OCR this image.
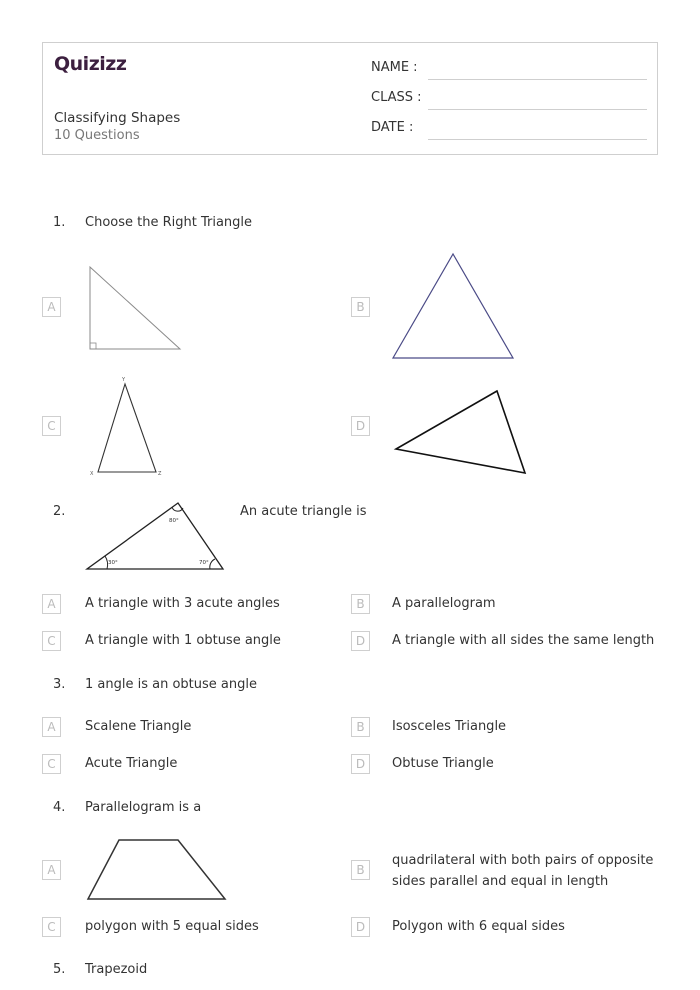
Quizizz
Classifying Shapes
10 Questions
NAME :
CLASS :
DATE :
1. Choose the Right Triangle
A	B
C
Y
X	Z
D
2.
80°
30°	70°
An acute triangle is
A	A triangle with 3 acute angles	B	A parallelogram
C	A triangle with 1 obtuse angle	D	A triangle with all sides the same length
3. 1 angle is an obtuse angle
A	Scalene Triangle	B	Isosceles Triangle
C	Acute Triangle	D	Obtuse Triangle
4. Parallelogram is a
A	B
quadrilateral with both pairs of opposite sides parallel and equal in length
C	polygon with 5 equal sides	D	Polygon with 6 equal sides
5. Trapezoid
